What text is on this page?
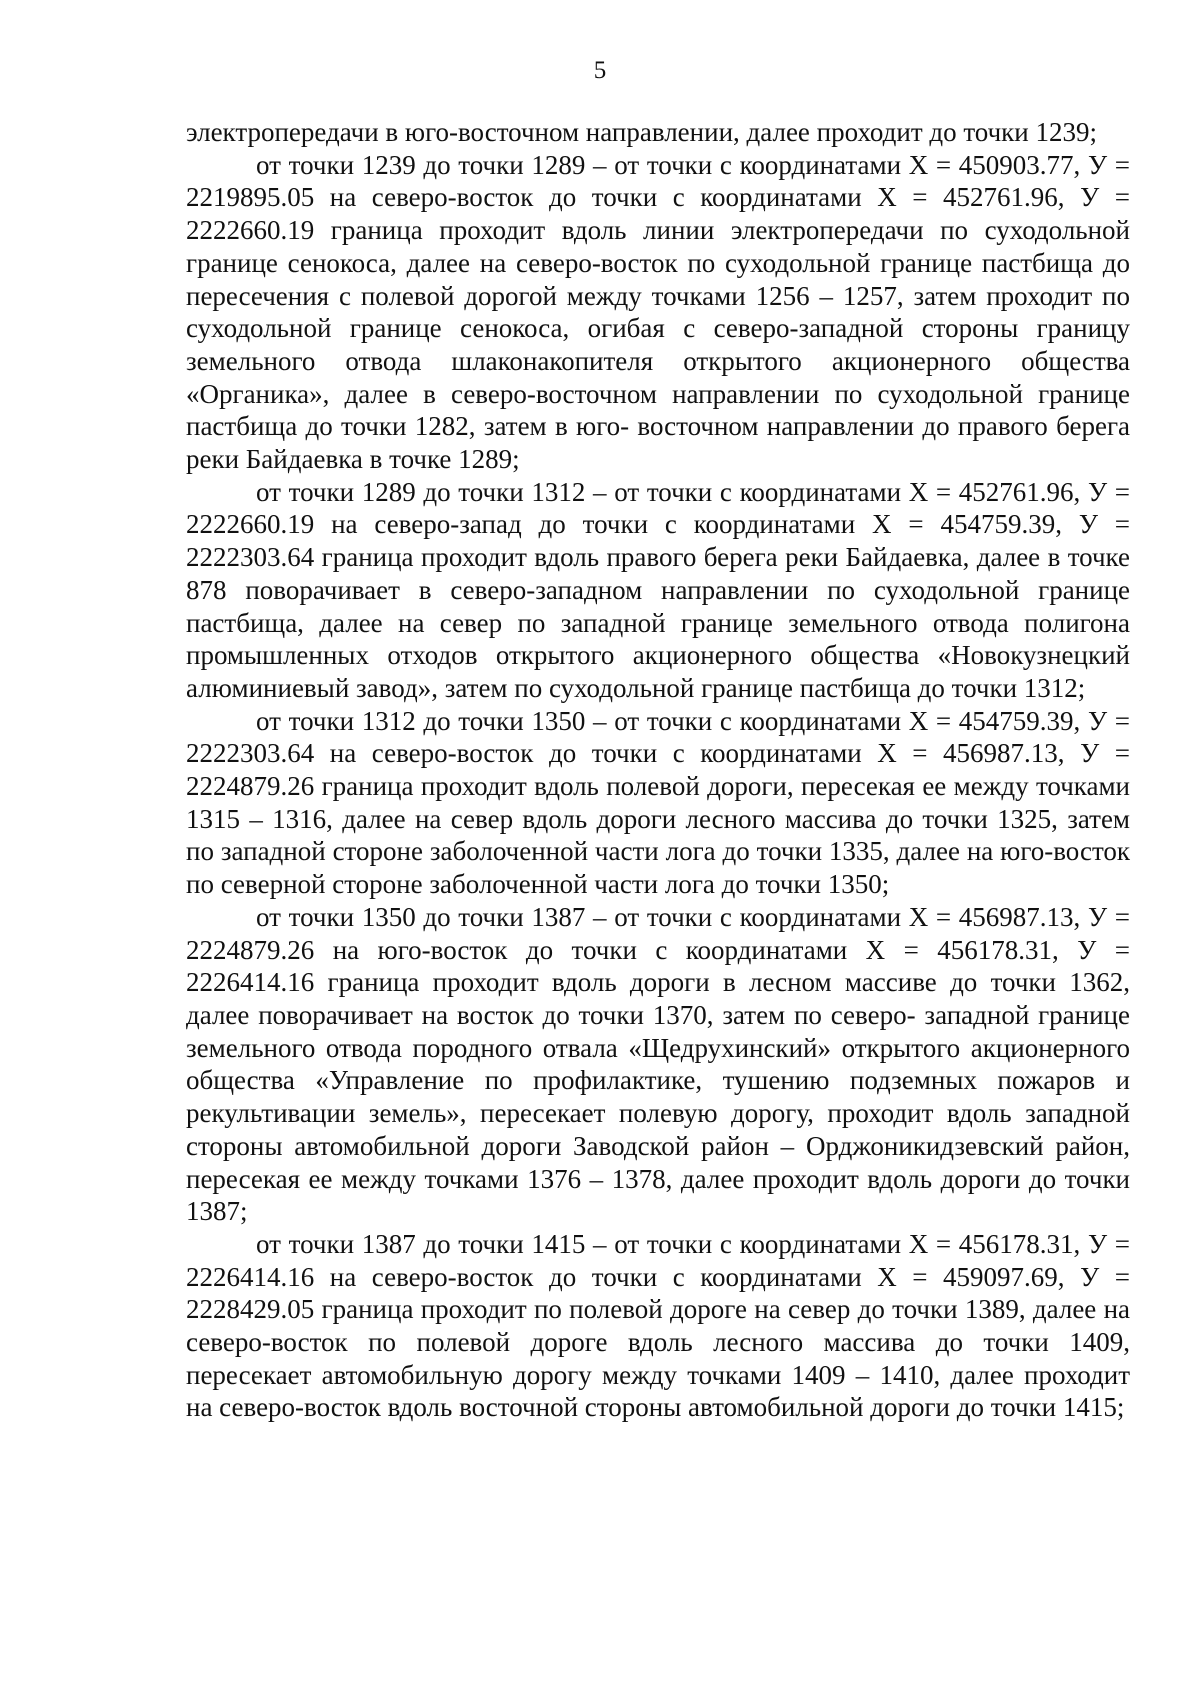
5

электропередачи в юго-восточном направлении, далее проходит до точки 1239;

от точки 1239 до точки 1289 – от точки с координатами Х = 450903.77, У = 2219895.05 на северо-восток до точки с координатами Х = 452761.96, У = 2222660.19 граница проходит вдоль линии электропередачи по суходольной границе сенокоса, далее на северо-восток по суходольной границе пастбища до пересечения с полевой дорогой между точками 1256 – 1257, затем проходит по суходольной границе сенокоса, огибая с северо-западной стороны границу земельного отвода шлаконакопителя открытого акционерного общества «Органика», далее в северо-восточном направлении по суходольной границе пастбища до точки 1282, затем в юго- восточном направлении до правого берега реки Байдаевка в точке 1289;

от точки 1289 до точки 1312 – от точки с координатами Х = 452761.96, У = 2222660.19 на северо-запад до точки с координатами Х = 454759.39, У = 2222303.64 граница проходит вдоль правого берега реки Байдаевка, далее в точке 878 поворачивает в северо-западном направлении по суходольной границе пастбища, далее на север по западной границе земельного отвода полигона промышленных отходов открытого акционерного общества «Новокузнецкий алюминиевый завод», затем по суходольной границе пастбища до точки 1312;

от точки 1312 до точки 1350 – от точки с координатами Х = 454759.39, У = 2222303.64 на северо-восток до точки с координатами Х = 456987.13, У = 2224879.26 граница проходит вдоль полевой дороги, пересекая ее между точками 1315 – 1316, далее на север вдоль дороги лесного массива до точки 1325, затем по западной стороне заболоченной части лога до точки 1335, далее на юго-восток по северной стороне заболоченной части лога до точки 1350;

от точки 1350 до точки 1387 – от точки с координатами Х = 456987.13, У = 2224879.26 на юго-восток до точки с координатами Х = 456178.31, У = 2226414.16 граница проходит вдоль дороги в лесном массиве до точки 1362, далее поворачивает на восток до точки 1370, затем по северо- западной границе земельного отвода породного отвала «Щедрухинский» открытого акционерного общества «Управление по профилактике, тушению подземных пожаров и рекультивации земель», пересекает полевую дорогу, проходит вдоль западной стороны автомобильной дороги Заводской район – Орджоникидзевский район, пересекая ее между точками 1376 – 1378, далее проходит вдоль дороги до точки 1387;

от точки 1387 до точки 1415 – от точки с координатами Х = 456178.31, У = 2226414.16 на северо-восток до точки с координатами Х = 459097.69, У = 2228429.05 граница проходит по полевой дороге на север до точки 1389, далее на северо-восток по полевой дороге вдоль лесного массива до точки 1409, пересекает автомобильную дорогу между точками 1409 – 1410, далее проходит на северо-восток вдоль восточной стороны автомобильной дороги до точки 1415;
